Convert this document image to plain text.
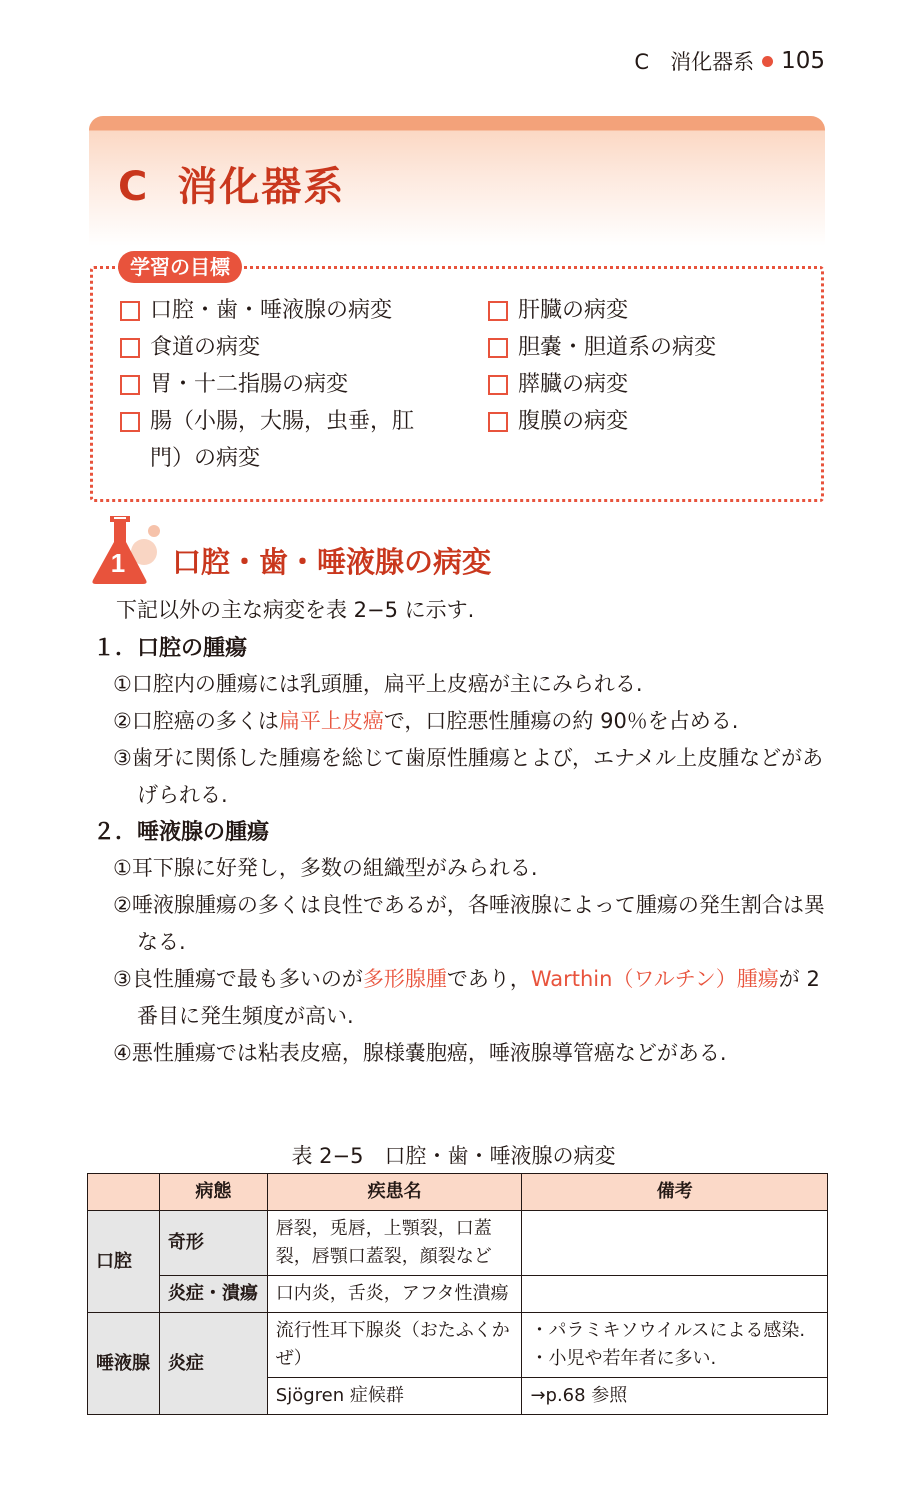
C　消化器系 105
C 消化器系
学習の目標
口腔・歯・唾液腺の病変
食道の病変
胃・十二指腸の病変
腸（小腸，大腸，虫垂，肛
門）の病変
肝臓の病変
胆嚢・胆道系の病変
膵臓の病変
腹膜の病変
1 口腔・歯・唾液腺の病変
下記以外の主な病変を表 2−5 に示す.
１．口腔の腫瘍
①口腔内の腫瘍には乳頭腫，扁平上皮癌が主にみられる.
②口腔癌の多くは扁平上皮癌で，口腔悪性腫瘍の約 90％を占める.
③歯牙に関係した腫瘍を総じて歯原性腫瘍とよび，エナメル上皮腫などがあげられる.
２．唾液腺の腫瘍
①耳下腺に好発し，多数の組織型がみられる.
②唾液腺腫瘍の多くは良性であるが，各唾液腺によって腫瘍の発生割合は異なる.
③良性腫瘍で最も多いのが多形腺腫であり，Warthin（ワルチン）腫瘍が 2 番目に発生頻度が高い.
④悪性腫瘍では粘表皮癌，腺様嚢胞癌，唾液腺導管癌などがある.
表 2−5　口腔・歯・唾液腺の病変
	病態	疾患名	備考
口腔	奇形	唇裂，兎唇，上顎裂，口蓋裂，唇顎口蓋裂，顔裂など	
	炎症・潰瘍	口内炎，舌炎，アフタ性潰瘍	
唾液腺	炎症	流行性耳下腺炎（おたふくかぜ）	・パラミキソウイルスによる感染.
・小児や若年者に多い.

		Sjögren 症候群	→p.68 参照
